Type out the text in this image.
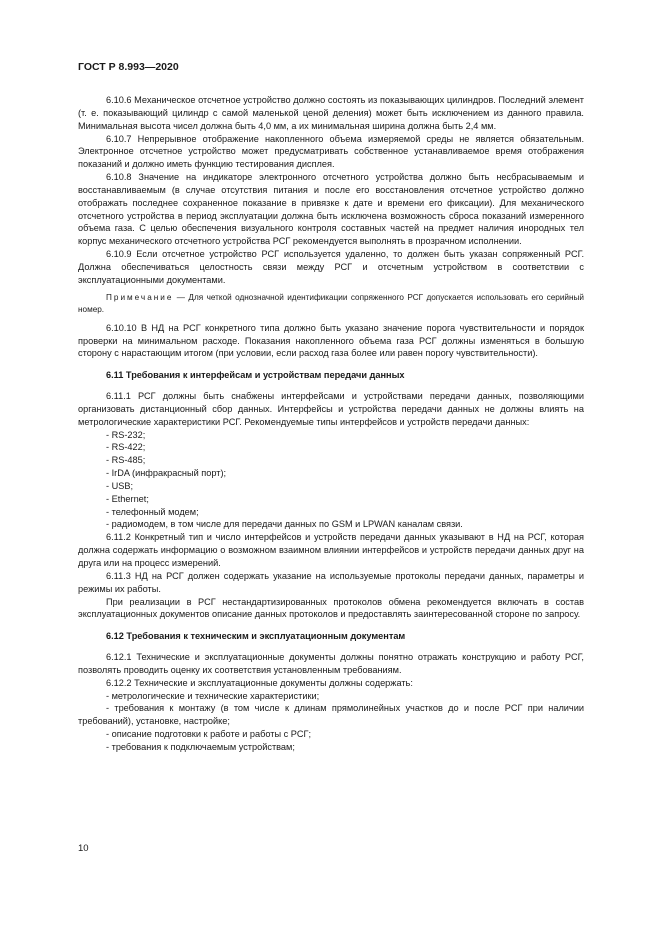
ГОСТ Р 8.993—2020

6.10.6 Механическое отсчетное устройство должно состоять из показывающих цилиндров. Последний элемент (т. е. показывающий цилиндр с самой маленькой ценой деления) может быть исключением из данного правила. Минимальная высота чисел должна быть 4,0 мм, а их минимальная ширина должна быть 2,4 мм.

6.10.7 Непрерывное отображение накопленного объема измеряемой среды не является обязательным. Электронное отсчетное устройство может предусматривать собственное устанавливаемое время отображения показаний и должно иметь функцию тестирования дисплея.

6.10.8 Значение на индикаторе электронного отсчетного устройства должно быть несбрасываемым и восстанавливаемым (в случае отсутствия питания и после его восстановления отсчетное устройство должно отображать последнее сохраненное показание в привязке к дате и времени его фиксации). Для механического отсчетного устройства в период эксплуатации должна быть исключена возможность сброса показаний измеренного объема газа. С целью обеспечения визуального контроля составных частей на предмет наличия инородных тел корпус механического отсчетного устройства РСГ рекомендуется выполнять в прозрачном исполнении.

6.10.9 Если отсчетное устройство РСГ используется удаленно, то должен быть указан сопряженный РСГ. Должна обеспечиваться целостность связи между РСГ и отсчетным устройством в соответствии с эксплуатационными документами.

Примечание — Для четкой однозначной идентификации сопряженного РСГ допускается использовать его серийный номер.

6.10.10 В НД на РСГ конкретного типа должно быть указано значение порога чувствительности и порядок проверки на минимальном расходе. Показания накопленного объема газа РСГ должны изменяться в большую сторону с нарастающим итогом (при условии, если расход газа более или равен порогу чувствительности).

6.11 Требования к интерфейсам и устройствам передачи данных

6.11.1 РСГ должны быть снабжены интерфейсами и устройствами передачи данных, позволяющими организовать дистанционный сбор данных. Интерфейсы и устройства передачи данных не должны влиять на метрологические характеристики РСГ. Рекомендуемые типы интерфейсов и устройств передачи данных:

- RS-232;

- RS-422;

- RS-485;

- IrDA (инфракрасный порт);

- USB;

- Ethernet;

- телефонный модем;

- радиомодем, в том числе для передачи данных по GSM и LPWAN каналам связи.

6.11.2 Конкретный тип и число интерфейсов и устройств передачи данных указывают в НД на РСГ, которая должна содержать информацию о возможном взаимном влиянии интерфейсов и устройств передачи данных друг на друга или на процесс измерений.

6.11.3 НД на РСГ должен содержать указание на используемые протоколы передачи данных, параметры и режимы их работы.

При реализации в РСГ нестандартизированных протоколов обмена рекомендуется включать в состав эксплуатационных документов описание данных протоколов и предоставлять заинтересованной стороне по запросу.

6.12 Требования к техническим и эксплуатационным документам

6.12.1 Технические и эксплуатационные документы должны понятно отражать конструкцию и работу РСГ, позволять проводить оценку их соответствия установленным требованиям.

6.12.2 Технические и эксплуатационные документы должны содержать:

- метрологические и технические характеристики;

- требования к монтажу (в том числе к длинам прямолинейных участков до и после РСГ при наличии требований), установке, настройке;

- описание подготовки к работе и работы с РСГ;

- требования к подключаемым устройствам;

10
